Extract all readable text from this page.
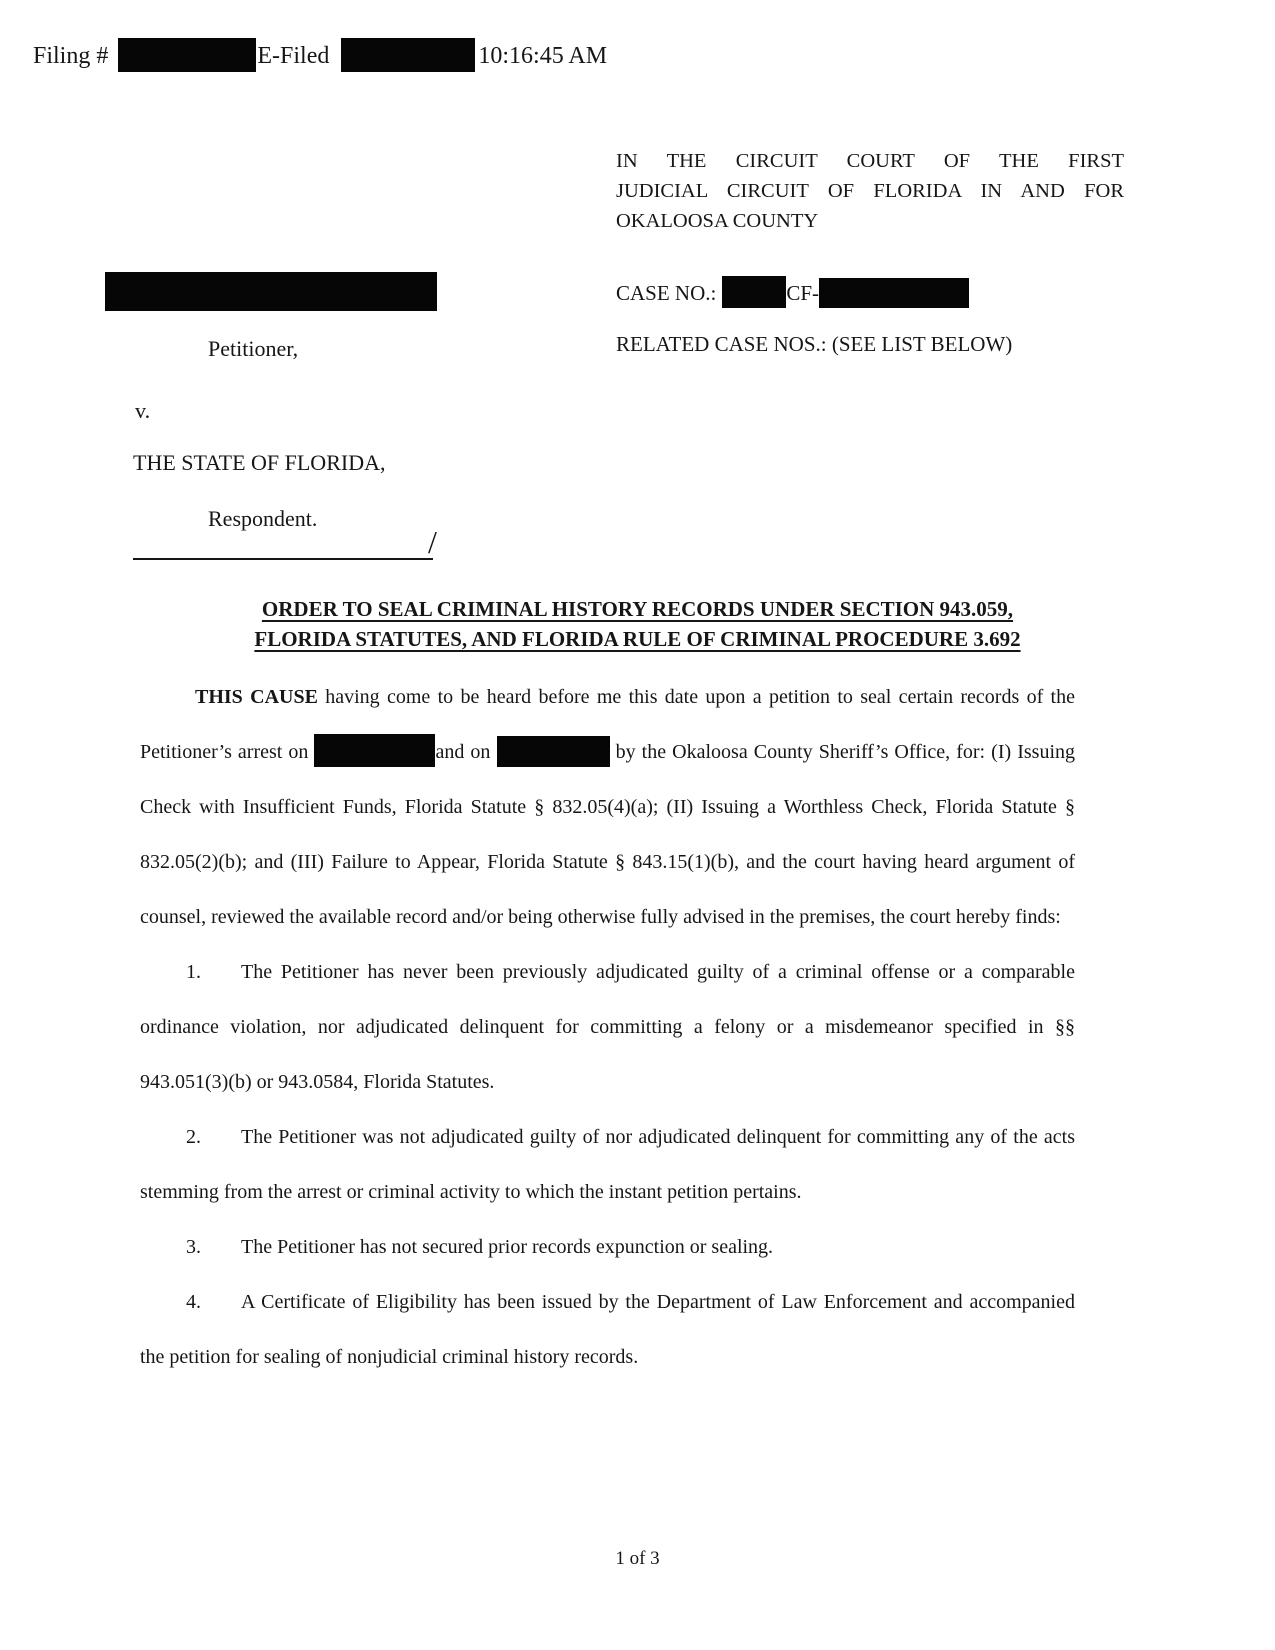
Filing #	E-Filed	10:16:45 AM
IN THE CIRCUIT COURT OF THE FIRST
JUDICIAL CIRCUIT OF FLORIDA IN AND FOR
OKALOOSA COUNTY
Petitioner,
CASE NO.:	CF-
RELATED CASE NOS.: (SEE LIST BELOW)
v.
THE STATE OF FLORIDA,
Respondent.
/
ORDER TO SEAL CRIMINAL HISTORY RECORDS UNDER SECTION 943.059,
FLORIDA STATUTES, AND FLORIDA RULE OF CRIMINAL PROCEDURE 3.692

THIS CAUSE having come to be heard before me this date upon a petition to seal certain records of the Petitioner’s arrest on	and on	by the Okaloosa County Sheriff’s Office, for: (I) Issuing Check with Insufficient Funds, Florida Statute § 832.05(4)(a); (II) Issuing a Worthless Check, Florida Statute § 832.05(2)(b); and (III) Failure to Appear, Florida Statute § 843.15(1)(b), and the court having heard argument of counsel, reviewed the available record and/or being otherwise fully advised in the premises, the court hereby finds:

1. The Petitioner has never been previously adjudicated guilty of a criminal offense or a comparable ordinance violation, nor adjudicated delinquent for committing a felony or a misdemeanor specified in §§ 943.051(3)(b) or 943.0584, Florida Statutes.

2. The Petitioner was not adjudicated guilty of nor adjudicated delinquent for committing any of the acts stemming from the arrest or criminal activity to which the instant petition pertains.

3. The Petitioner has not secured prior records expunction or sealing.

4. A Certificate of Eligibility has been issued by the Department of Law Enforcement and accompanied the petition for sealing of nonjudicial criminal history records.

1 of 3
